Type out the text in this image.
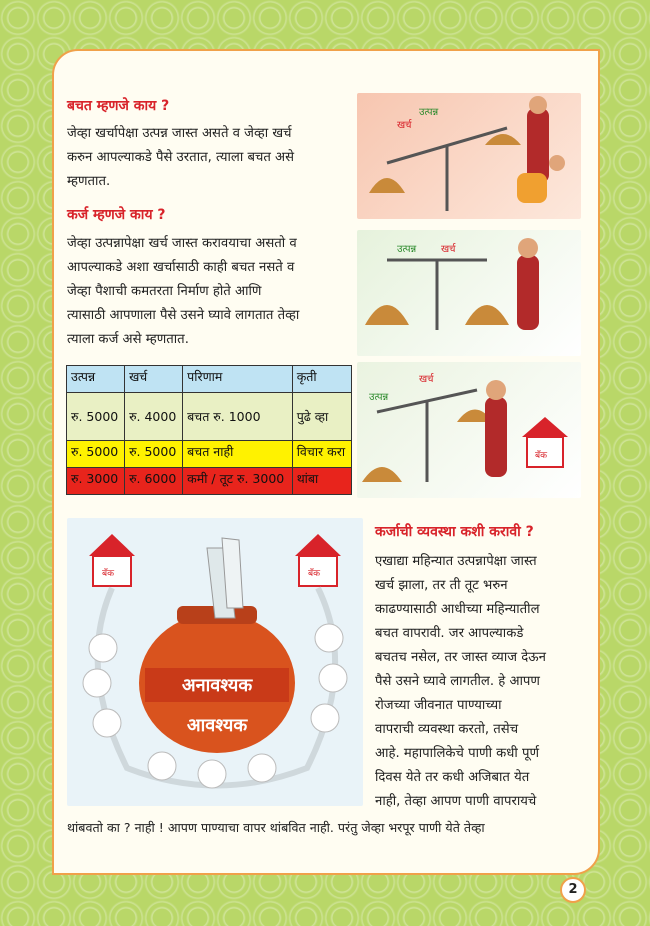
बचत म्हणजे काय ?
जेव्हा खर्चापेक्षा उत्पन्न जास्त असते व जेव्हा खर्च
करुन आपल्याकडे पैसे उरतात, त्याला बचत असे
म्हणतात.
कर्ज म्हणजे काय ?
जेव्हा उत्पन्नापेक्षा खर्च जास्त करावयाचा असतो व
आपल्याकडे अशा खर्चासाठी काही बचत नसते व
जेव्हा पैशाची कमतरता निर्माण होते आणि
त्यासाठी आपणाला पैसे उसने घ्यावे लागतात तेव्हा
त्याला कर्ज असे म्हणतात.
उत्पन्न	खर्च	परिणाम	कृती
रु. 5000	रु. 4000	बचत रु. 1000	पुढे व्हा
रु. 5000	रु. 5000	बचत नाही	विचार करा
रु. 3000	रु. 6000	कमी / तूट रु. 3000	थांबा
खर्च
उत्पन्न
उत्पन्न खर्च
उत्पन्न
खर्च
बँक
बँक	बँक
अनावश्यक
आवश्यक
कर्जाची व्यवस्था कशी करावी ?
एखाद्या महिन्यात उत्पन्नापेक्षा जास्त
खर्च झाला, तर ती तूट भरुन
काढण्यासाठी आधीच्या महिन्यातील
बचत वापरावी. जर आपल्याकडे
बचतच नसेल, तर जास्त व्याज देऊन
पैसे उसने घ्यावे लागतील. हे आपण
रोजच्या जीवनात पाण्याच्या
वापराची व्यवस्था करतो, तसेच
आहे. महापालिकेचे पाणी कधी पूर्ण
दिवस येते तर कधी अजिबात येत
नाही, तेव्हा आपण पाणी वापरायचे
थांबवतो का ? नाही ! आपण पाण्याचा वापर थांबवित नाही. परंतु जेव्हा भरपूर पाणी येते तेव्हा
2
